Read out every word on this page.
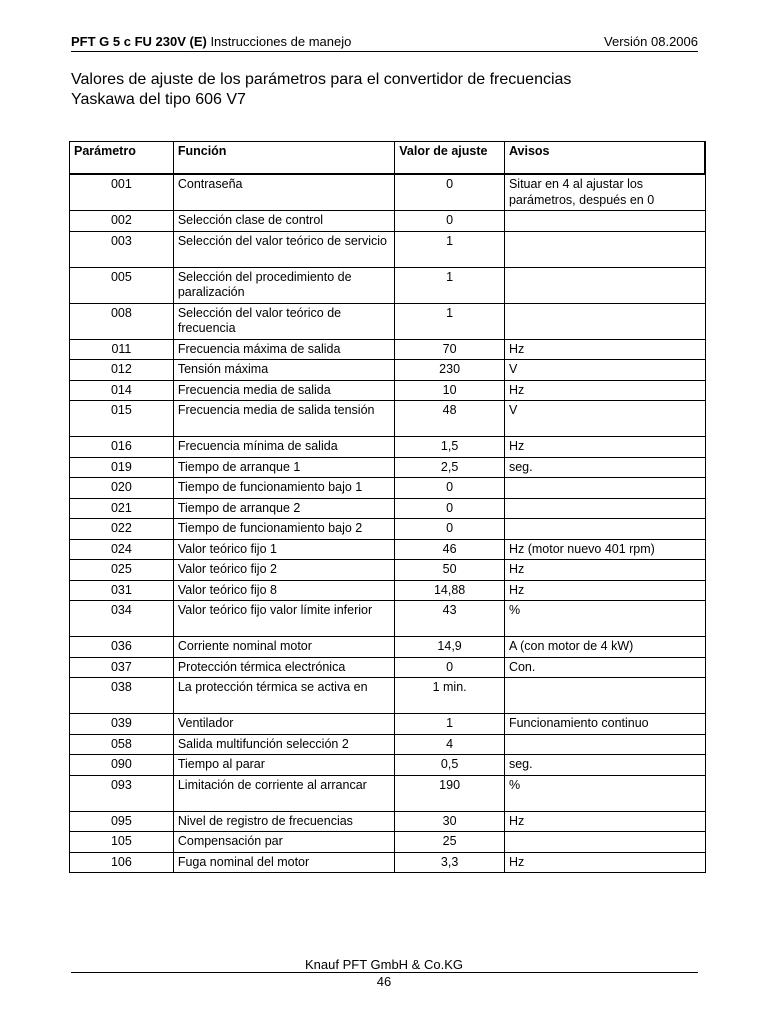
PFT G 5 c FU 230V (E) Instrucciones de manejo	Versión 08.2006
Valores de ajuste de los parámetros para el convertidor de frecuencias
Yaskawa del tipo 606 V7
Parámetro	Función	Valor de ajuste	Avisos
001	Contraseña	0	Situar en 4 al ajustar los parámetros, después en 0
002	Selección clase de control	0	
003	Selección del valor teórico de servicio	1	
005	Selección del procedimiento de paralización	1	
008	Selección del valor teórico de frecuencia	1	
011	Frecuencia máxima de salida	70	Hz
012	Tensión máxima	230	V
014	Frecuencia media de salida	10	Hz
015	Frecuencia media de salida tensión	48	V
016	Frecuencia mínima de salida	1,5	Hz
019	Tiempo de arranque 1	2,5	seg.
020	Tiempo de funcionamiento bajo 1	0	
021	Tiempo de arranque 2	0	
022	Tiempo de funcionamiento bajo 2	0	
024	Valor teórico fijo 1	46	Hz (motor nuevo 401 rpm)
025	Valor teórico fijo 2	50	Hz
031	Valor teórico fijo 8	14,88	Hz
034	Valor teórico fijo valor límite inferior	43	%
036	Corriente nominal motor	14,9	A (con motor de 4 kW)
037	Protección térmica electrónica	0	Con.
038	La protección térmica se activa en	1 min.	
039	Ventilador	1	Funcionamiento continuo
058	Salida multifunción selección 2	4	
090	Tiempo al parar	0,5	seg.
093	Limitación de corriente al arrancar	190	%
095	Nivel de registro de frecuencias	30	Hz
105	Compensación par	25	
106	Fuga nominal del motor	3,3	Hz
Knauf PFT GmbH & Co.KG
46
